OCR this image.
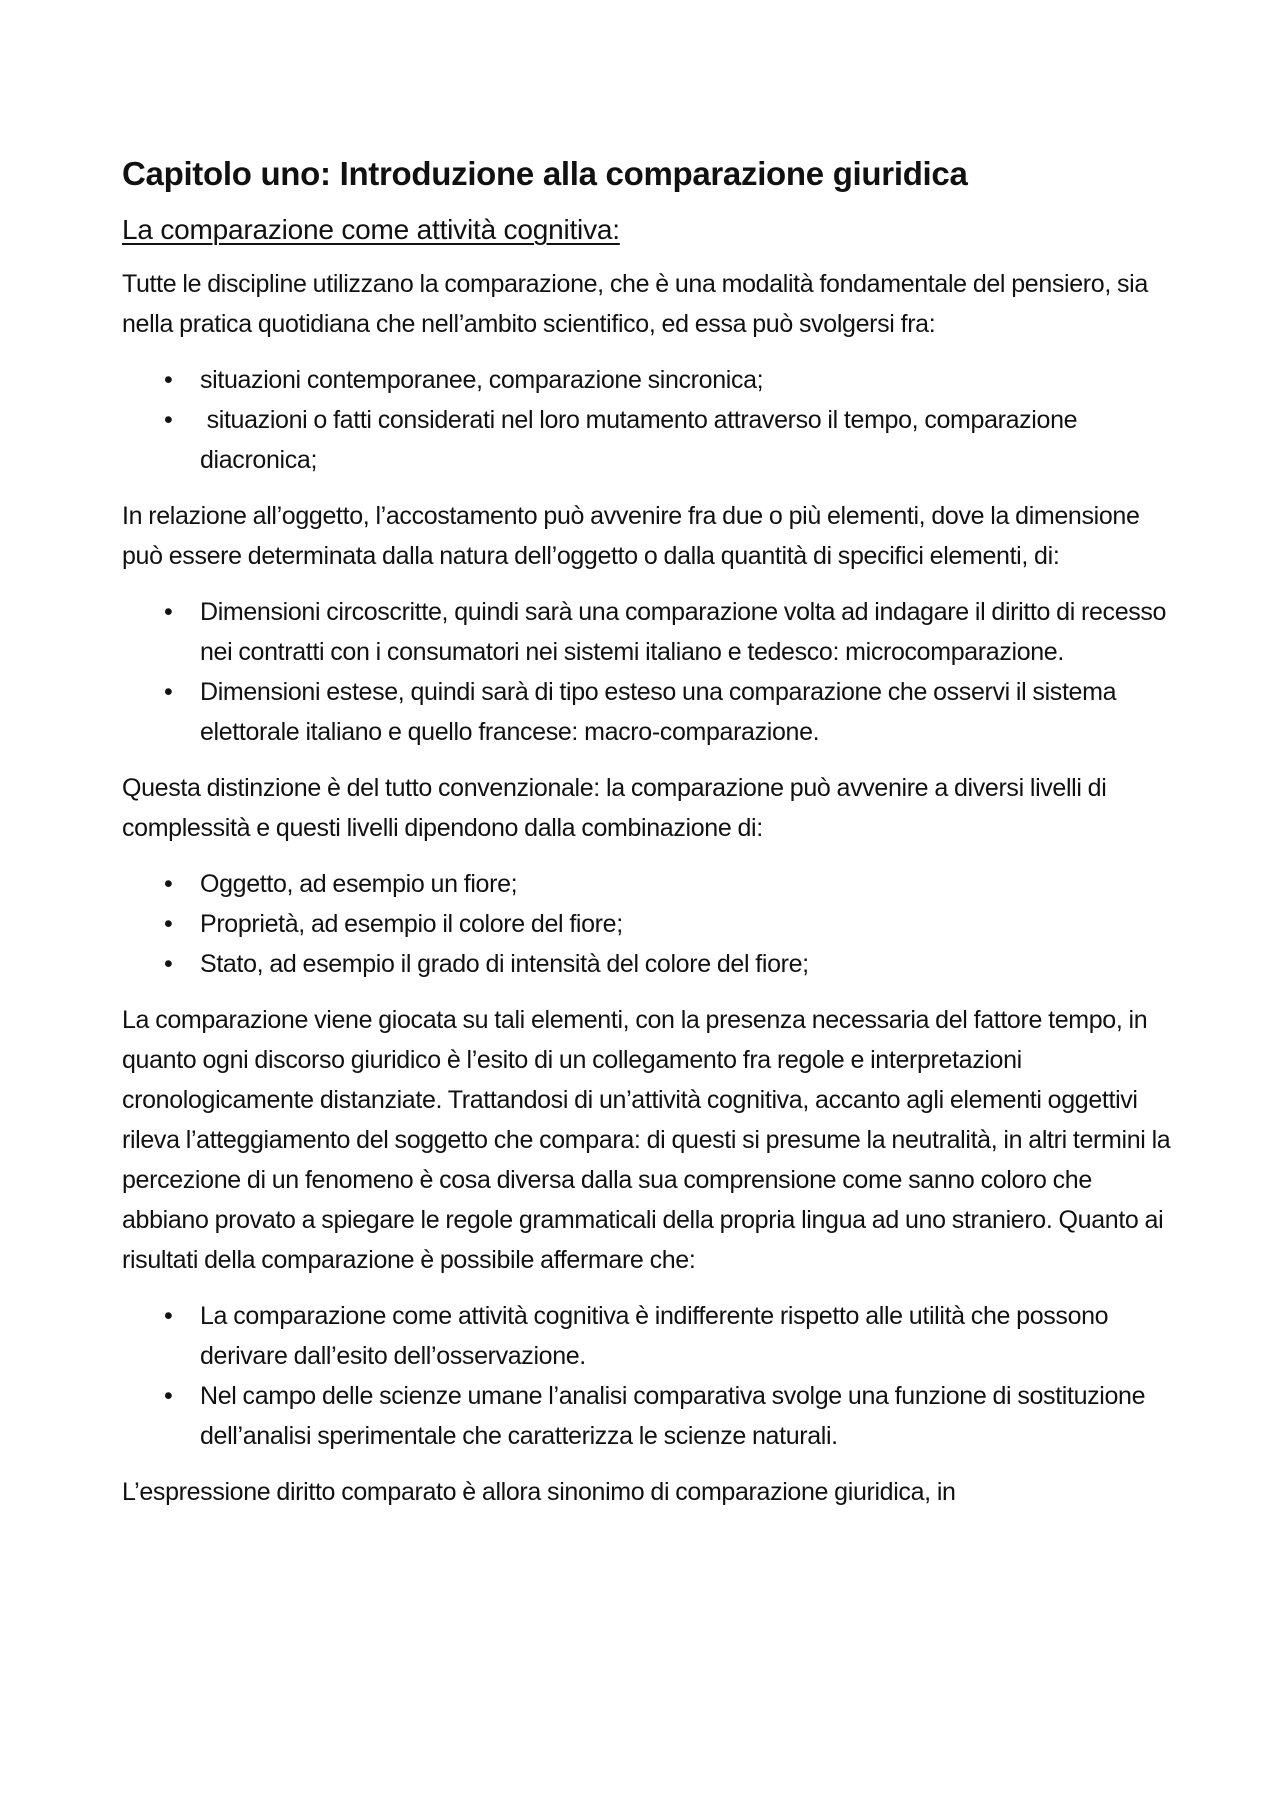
Capitolo uno: Introduzione alla comparazione giuridica
La comparazione come attività cognitiva:

Tutte le discipline utilizzano la comparazione, che è una modalità fondamentale del pensiero, sia nella pratica quotidiana che nell’ambito scientifico, ed essa può svolgersi fra:

• situazioni contemporanee, comparazione sincronica;
• situazioni o fatti considerati nel loro mutamento attraverso il tempo, comparazione diacronica;

In relazione all’oggetto, l’accostamento può avvenire fra due o più elementi, dove la dimensione può essere determinata dalla natura dell’oggetto o dalla quantità di specifici elementi, di:

• Dimensioni circoscritte, quindi sarà una comparazione volta ad indagare il diritto di recesso nei contratti con i consumatori nei sistemi italiano e tedesco: microcomparazione.
• Dimensioni estese, quindi sarà di tipo esteso una comparazione che osservi il sistema elettorale italiano e quello francese: macro-comparazione.

Questa distinzione è del tutto convenzionale: la comparazione può avvenire a diversi livelli di complessità e questi livelli dipendono dalla combinazione di:

• Oggetto, ad esempio un fiore;
• Proprietà, ad esempio il colore del fiore;
• Stato, ad esempio il grado di intensità del colore del fiore;

La comparazione viene giocata su tali elementi, con la presenza necessaria del fattore tempo, in quanto ogni discorso giuridico è l’esito di un collegamento fra regole e interpretazioni cronologicamente distanziate. Trattandosi di un’attività cognitiva, accanto agli elementi oggettivi rileva l’atteggiamento del soggetto che compara: di questi si presume la neutralità, in altri termini la percezione di un fenomeno è cosa diversa dalla sua comprensione come sanno coloro che abbiano provato a spiegare le regole grammaticali della propria lingua ad uno straniero. Quanto ai risultati della comparazione è possibile affermare che:

• La comparazione come attività cognitiva è indifferente rispetto alle utilità che possono derivare dall’esito dell’osservazione.
• Nel campo delle scienze umane l’analisi comparativa svolge una funzione di sostituzione dell’analisi sperimentale che caratterizza le scienze naturali.

L’espressione diritto comparato è allora sinonimo di comparazione giuridica, in
